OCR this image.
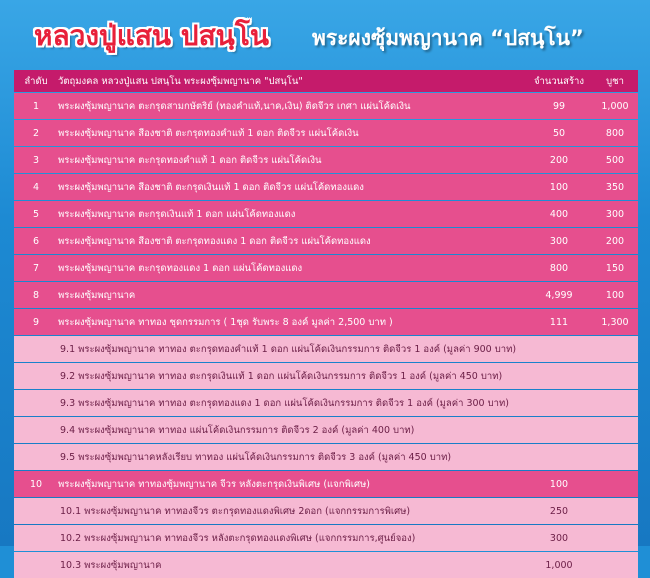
หลวงปู่แสน ปสนฺโน พระผงซุ้มพญานาค “ปสนฺโน”
ลำดับ	วัตถุมงคล หลวงปู่แสน ปสนฺโน พระผงซุ้มพญานาค "ปสนฺโน"	จำนวนสร้าง	บูชา
1	พระผงซุ้มพญานาค ตะกรุดสามกษัตริย์ (ทองคำแท้,นาค,เงิน) ติดจีวร เกศา แผ่นโค้ดเงิน	99	1,000
2	พระผงซุ้มพญานาค สีองชาติ ตะกรุดทองคำแท้ 1 ดอก ติดจีวร แผ่นโค้ดเงิน	50	800
3	พระผงซุ้มพญานาค ตะกรุดทองคำแท้ 1 ดอก ติดจีวร แผ่นโค้ดเงิน	200	500
4	พระผงซุ้มพญานาค สีองชาติ ตะกรุดเงินแท้ 1 ดอก ติดจีวร แผ่นโค้ดทองแดง	100	350
5	พระผงซุ้มพญานาค ตะกรุดเงินแท้ 1 ดอก แผ่นโค้ดทองแดง	400	300
6	พระผงซุ้มพญานาค สีองชาติ ตะกรุดทองแดง 1 ดอก ติดจีวร แผ่นโค้ดทองแดง	300	200
7	พระผงซุ้มพญานาค ตะกรุดทองแดง 1 ดอก แผ่นโค้ดทองแดง	800	150
8	พระผงซุ้มพญานาค	4,999	100
9	พระผงซุ้มพญานาค ทาทอง ชุดกรรมการ ( 1ชุด รับพระ 8 องค์ มูลค่า 2,500 บาท )	111	1,300
9.1 พระผงซุ้มพญานาค ทาทอง ตะกรุดทองคำแท้ 1 ดอก แผ่นโค้ดเงินกรรมการ ติดจีวร 1 องค์ (มูลค่า 900 บาท)
9.2 พระผงซุ้มพญานาค ทาทอง ตะกรุดเงินแท้ 1 ดอก แผ่นโค้ดเงินกรรมการ ติดจีวร 1 องค์ (มูลค่า 450 บาท)
9.3 พระผงซุ้มพญานาค ทาทอง ตะกรุดทองแดง 1 ดอก แผ่นโค้ดเงินกรรมการ ติดจีวร 1 องค์ (มูลค่า 300 บาท)
9.4 พระผงซุ้มพญานาค ทาทอง แผ่นโค้ดเงินกรรมการ ติดจีวร 2 องค์ (มูลค่า 400 บาท)
9.5 พระผงซุ้มพญานาคหลังเรียบ ทาทอง แผ่นโค้ดเงินกรรมการ ติดจีวร 3 องค์ (มูลค่า 450 บาท)
10	พระผงซุ้มพญานาค ทาทองซุ้มพญานาค จีวร หลังตะกรุดเงินพิเศษ (แจกพิเศษ)	100
10.1 พระผงซุ้มพญานาค ทาทองจีวร ตะกรุดทองแดงพิเศษ 2ดอก (แจกกรรมการพิเศษ)	250
10.2 พระผงซุ้มพญานาค ทาทองจีวร หลังตะกรุดทองแดงพิเศษ (แจกกรรมการ,ศูนย์จอง)	300
10.3 พระผงซุ้มพญานาค	1,000
